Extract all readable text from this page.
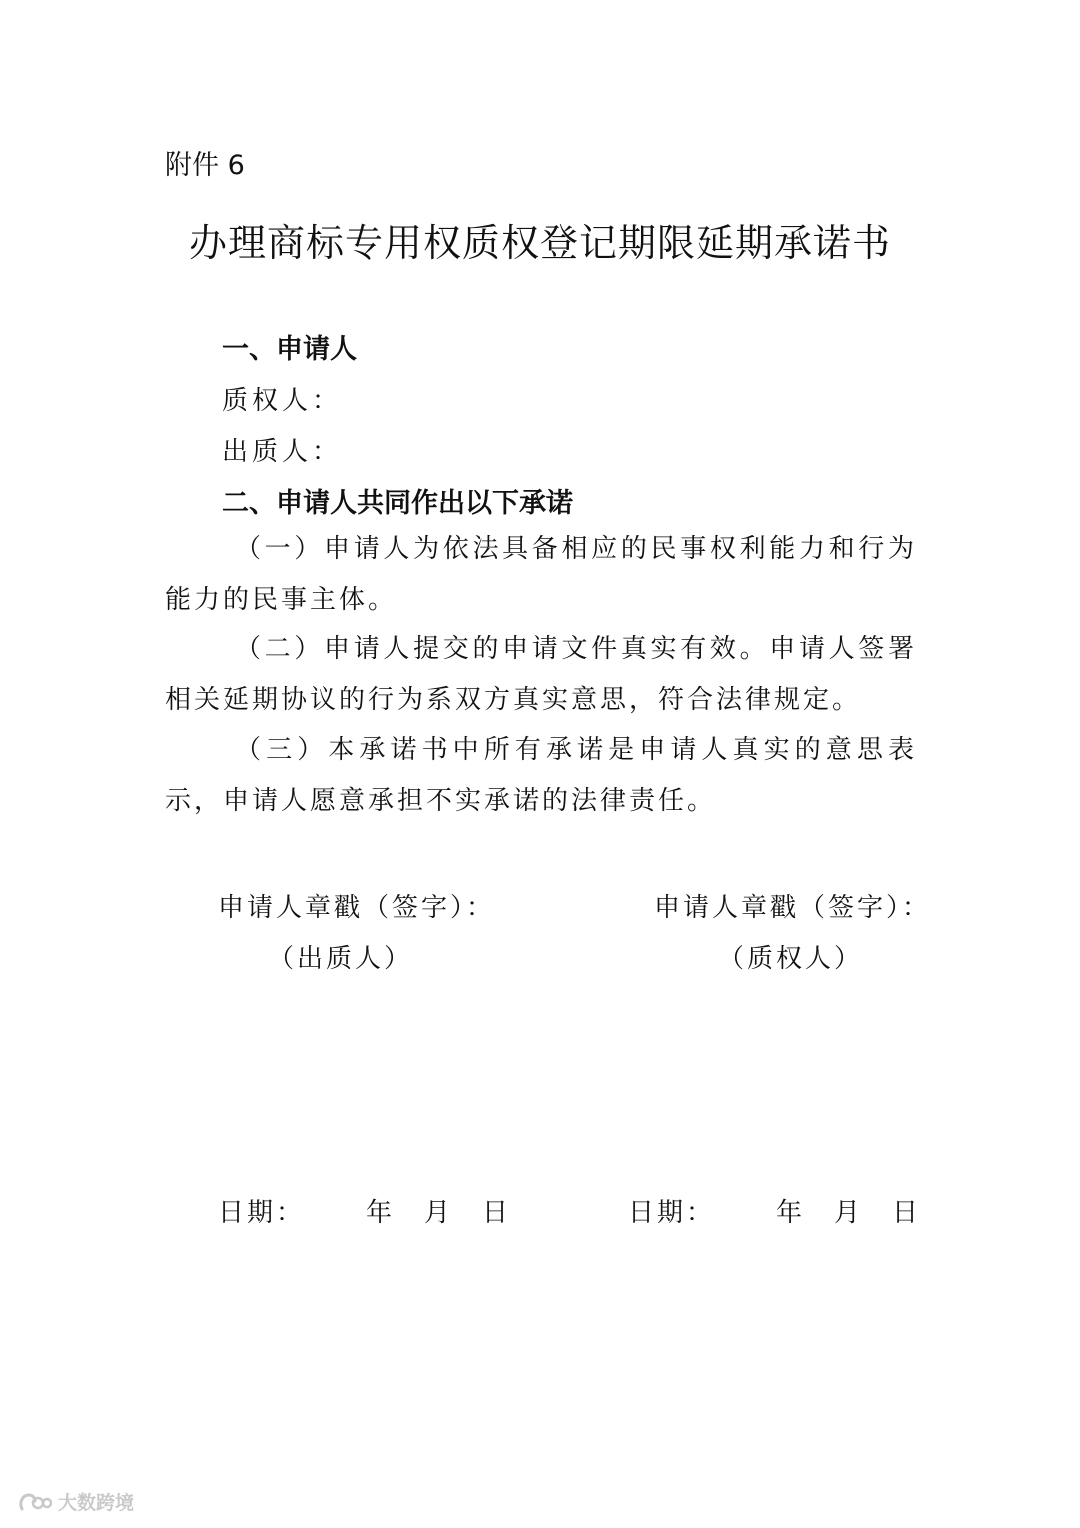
附件 6
办理商标专用权质权登记期限延期承诺书
一、申请人
质权人：
出质人：
二、申请人共同作出以下承诺
（一）申请人为依法具备相应的民事权利能力和行为能力的民事主体。
（二）申请人提交的申请文件真实有效。申请人签署相关延期协议的行为系双方真实意思，符合法律规定。
（三）本承诺书中所有承诺是申请人真实的意思表示，申请人愿意承担不实承诺的法律责任。
申请人章戳（签字）：
（出质人）
申请人章戳（签字）：
（质权人）
日期： 年 月 日	日期： 年 月 日
大数跨境
